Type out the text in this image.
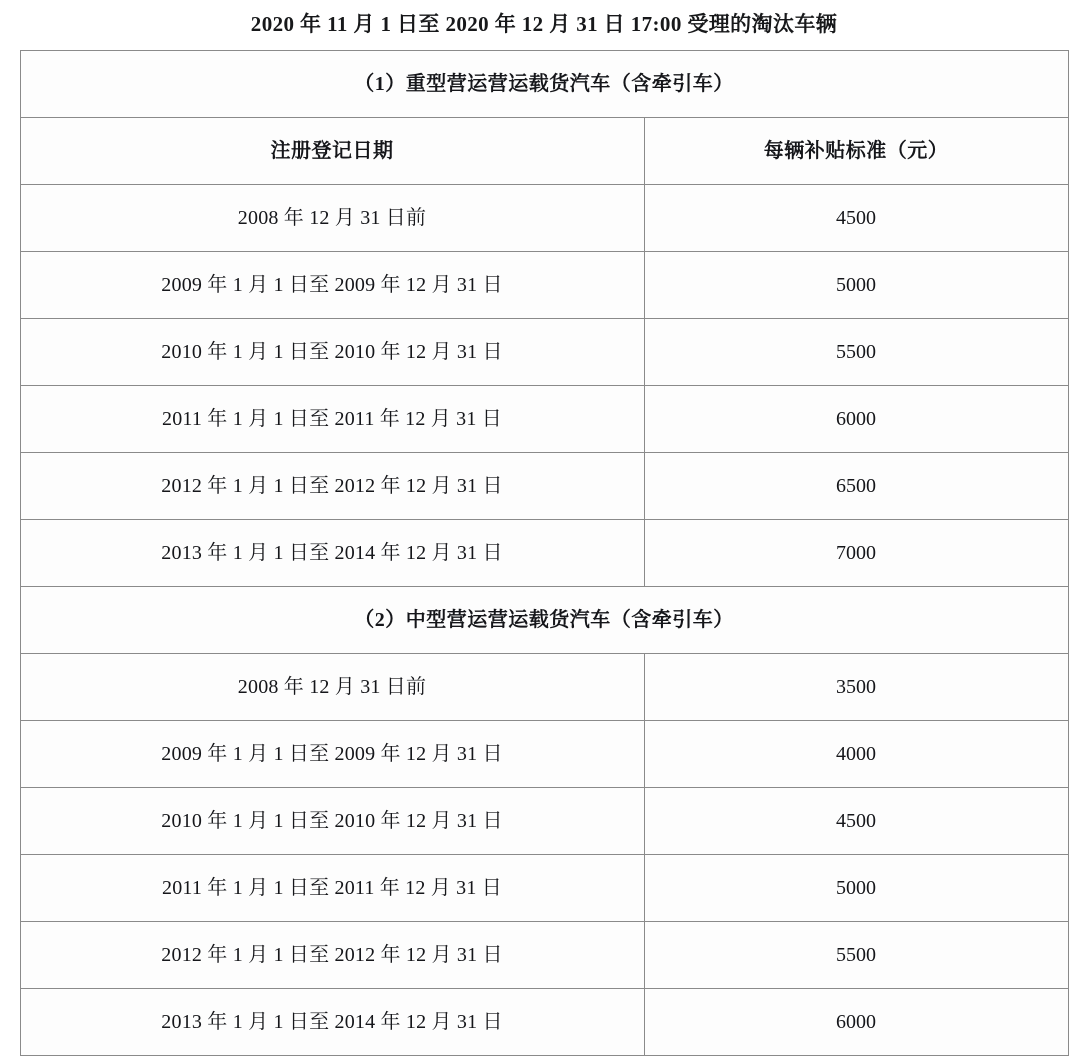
2020 年 11 月 1 日至 2020 年 12 月 31 日 17:00 受理的淘汰车辆
（1）重型营运营运载货汽车（含牵引车）	
注册登记日期	每辆补贴标准（元）
2008 年 12 月 31 日前	4500
2009 年 1 月 1 日至 2009 年 12 月 31 日	5000
2010 年 1 月 1 日至 2010 年 12 月 31 日	5500
2011 年 1 月 1 日至 2011 年 12 月 31 日	6000
2012 年 1 月 1 日至 2012 年 12 月 31 日	6500
2013 年 1 月 1 日至 2014 年 12 月 31 日	7000
（2）中型营运营运载货汽车（含牵引车）	
2008 年 12 月 31 日前	3500
2009 年 1 月 1 日至 2009 年 12 月 31 日	4000
2010 年 1 月 1 日至 2010 年 12 月 31 日	4500
2011 年 1 月 1 日至 2011 年 12 月 31 日	5000
2012 年 1 月 1 日至 2012 年 12 月 31 日	5500
2013 年 1 月 1 日至 2014 年 12 月 31 日	6000
